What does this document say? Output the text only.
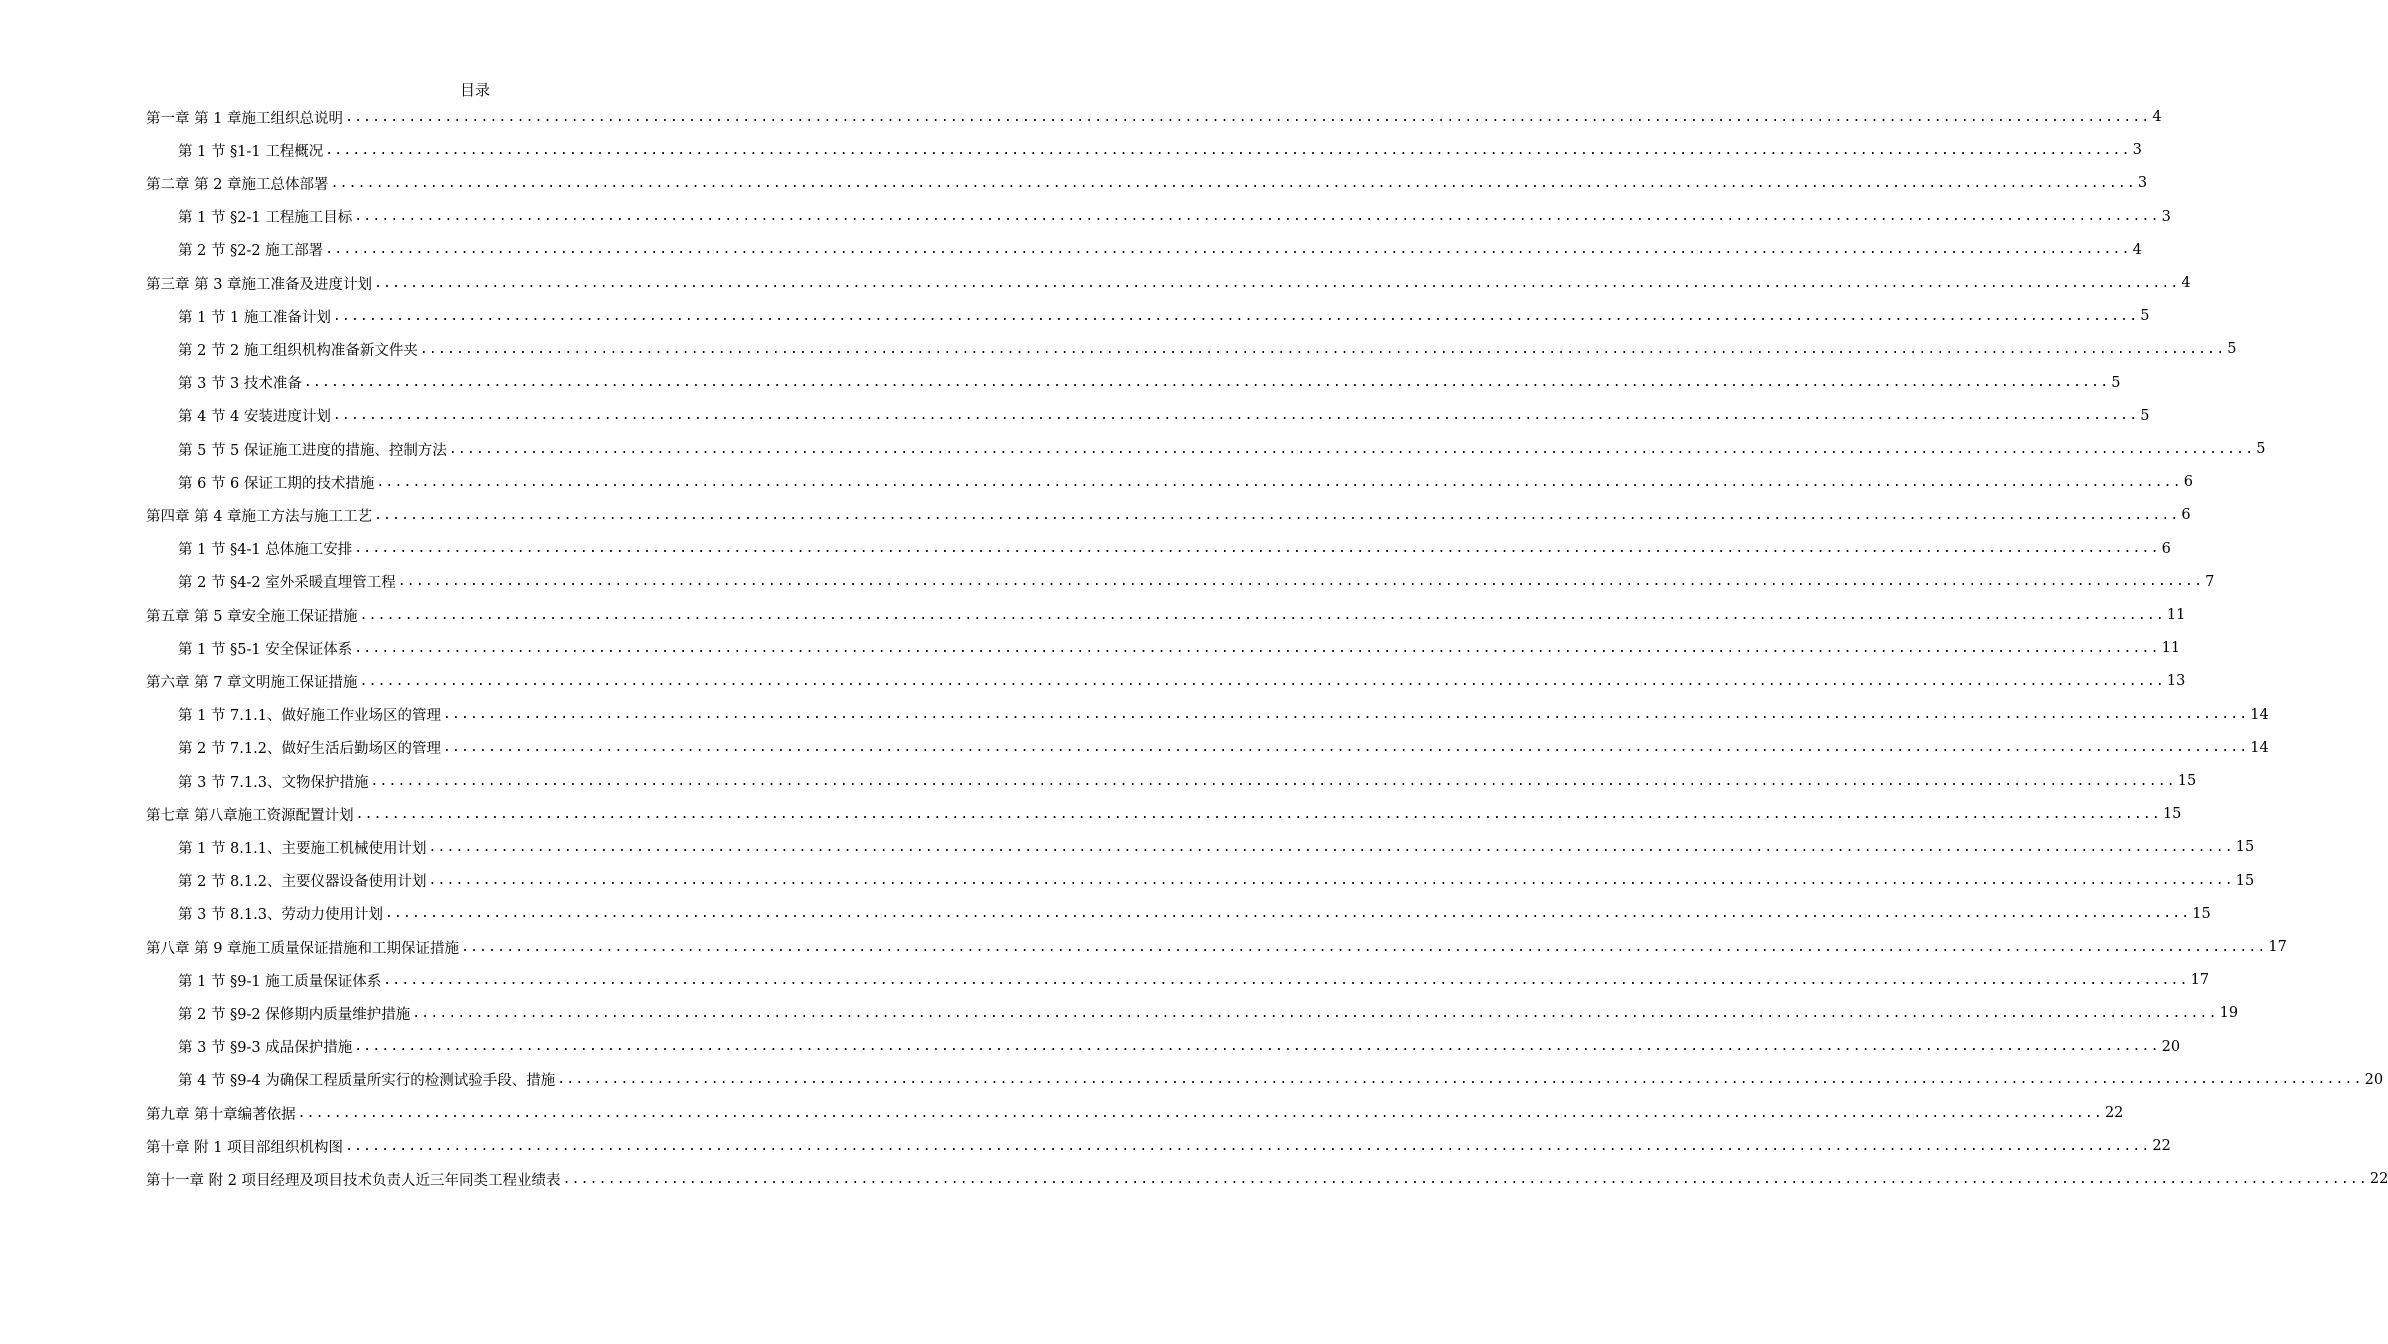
目录
第一章 第 1 章施工组织总说明 ........................................................................................................................................................................................................ 4
第 1 节 §1-1 工程概况 ........................................................................................................................................................................................................ 3
第二章 第 2 章施工总体部署 ........................................................................................................................................................................................................ 3
第 1 节 §2-1 工程施工目标 ........................................................................................................................................................................................................ 3
第 2 节 §2-2 施工部署 ........................................................................................................................................................................................................ 4
第三章 第 3 章施工准备及进度计划 ........................................................................................................................................................................................................ 4
第 1 节 1 施工准备计划 ........................................................................................................................................................................................................ 5
第 2 节 2 施工组织机构准备新文件夹 ........................................................................................................................................................................................................ 5
第 3 节 3 技术准备 ........................................................................................................................................................................................................ 5
第 4 节 4 安装进度计划 ........................................................................................................................................................................................................ 5
第 5 节 5 保证施工进度的措施、控制方法 ........................................................................................................................................................................................................ 5
第 6 节 6 保证工期的技术措施 ........................................................................................................................................................................................................ 6
第四章 第 4 章施工方法与施工工艺 ........................................................................................................................................................................................................ 6
第 1 节 §4-1 总体施工安排 ........................................................................................................................................................................................................ 6
第 2 节 §4-2 室外采暖直埋管工程 ........................................................................................................................................................................................................ 7
第五章 第 5 章安全施工保证措施 ........................................................................................................................................................................................................ 11
第 1 节 §5-1 安全保证体系 ........................................................................................................................................................................................................ 11
第六章 第 7 章文明施工保证措施 ........................................................................................................................................................................................................ 13
第 1 节 7.1.1、做好施工作业场区的管理 ........................................................................................................................................................................................................ 14
第 2 节 7.1.2、做好生活后勤场区的管理 ........................................................................................................................................................................................................ 14
第 3 节 7.1.3、文物保护措施 ........................................................................................................................................................................................................ 15
第七章 第八章施工资源配置计划 ........................................................................................................................................................................................................ 15
第 1 节 8.1.1、主要施工机械使用计划 ........................................................................................................................................................................................................ 15
第 2 节 8.1.2、主要仪器设备使用计划 ........................................................................................................................................................................................................ 15
第 3 节 8.1.3、劳动力使用计划 ........................................................................................................................................................................................................ 15
第八章 第 9 章施工质量保证措施和工期保证措施 ........................................................................................................................................................................................................ 17
第 1 节 §9-1 施工质量保证体系 ........................................................................................................................................................................................................ 17
第 2 节 §9-2 保修期内质量维护措施 ........................................................................................................................................................................................................ 19
第 3 节 §9-3 成品保护措施 ........................................................................................................................................................................................................ 20
第 4 节 §9-4 为确保工程质量所实行的检测试验手段、措施 ........................................................................................................................................................................................................ 20
第九章 第十章编著依据 ........................................................................................................................................................................................................ 22
第十章 附 1 项目部组织机构图 ........................................................................................................................................................................................................ 22
第十一章 附 2 项目经理及项目技术负责人近三年同类工程业绩表 ........................................................................................................................................................................................................ 22
